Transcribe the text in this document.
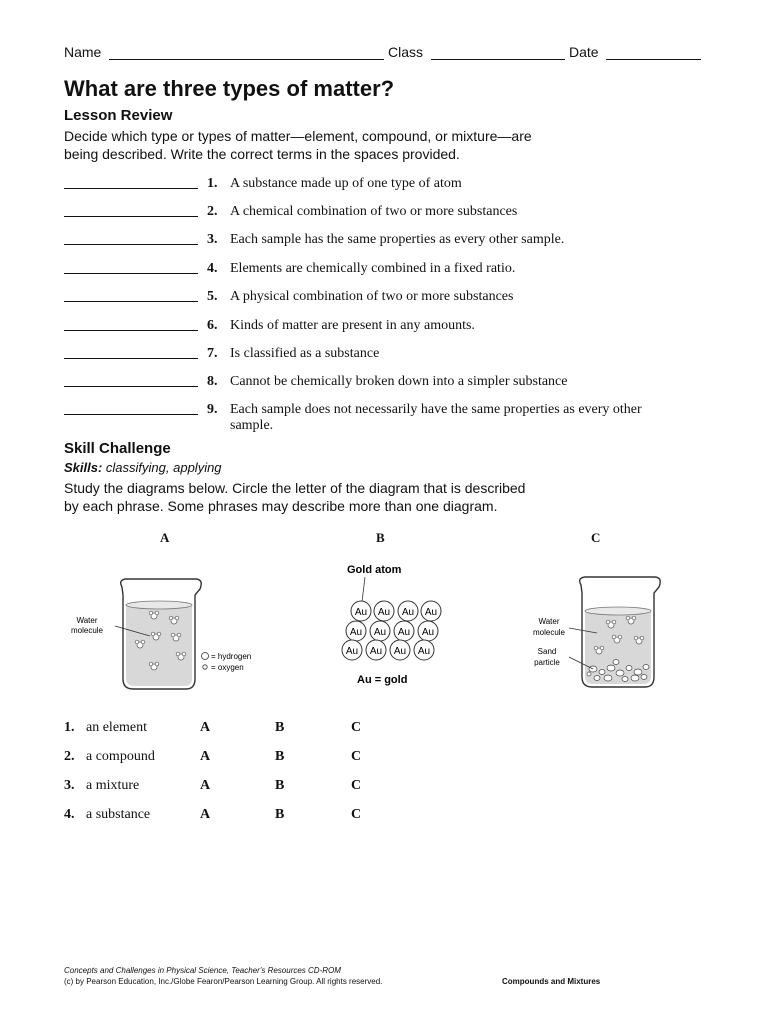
Name	Class	Date
What are three types of matter?
Lesson Review
Decide which type or types of matter—element, compound, or mixture—are being described. Write the correct terms in the spaces provided.
1. A substance made up of one type of atom
2. A chemical combination of two or more substances
3. Each sample has the same properties as every other sample.
4. Elements are chemically combined in a fixed ratio.
5. A physical combination of two or more substances
6. Kinds of matter are present in any amounts.
7. Is classified as a substance
8. Cannot be chemically broken down into a simpler substance
9. Each sample does not necessarily have the same properties as every other sample.
Skill Challenge
Skills: classifying, applying
Study the diagrams below. Circle the letter of the diagram that is described by each phrase. Some phrases may describe more than one diagram.
A	B	C
Water
molecule
= hydrogen
= oxygen
Gold atom
Au Au Au Au
Au Au Au Au
Au Au Au Au
Au = gold
Water
molecule
Sand
particle
1. an element	A	B	C
2. a compound	A	B	C
3. a mixture	A	B	C
4. a substance	A	B	C
Concepts and Challenges in Physical Science, Teacher's Resources CD-ROM
(c) by Pearson Education, Inc./Globe Fearon/Pearson Learning Group. All rights reserved.	Compounds and Mixtures
